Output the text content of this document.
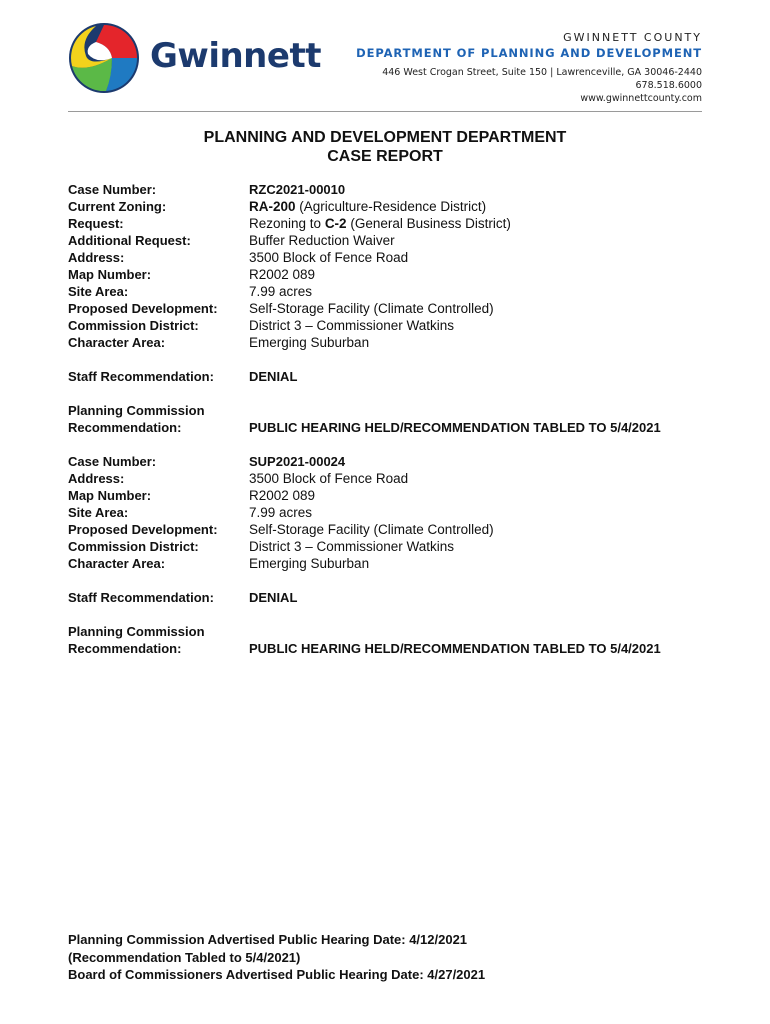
Gwinnett	GWINNETT COUNTY
DEPARTMENT OF PLANNING AND DEVELOPMENT
446 West Crogan Street, Suite 150 | Lawrenceville, GA 30046-2440
678.518.6000
www.gwinnettcounty.com
PLANNING AND DEVELOPMENT DEPARTMENT
CASE REPORT
Case Number:	RZC2021-00010
Current Zoning:	RA-200 (Agriculture-Residence District)
Request:	Rezoning to C-2 (General Business District)
Additional Request:	Buffer Reduction Waiver
Address:	3500 Block of Fence Road
Map Number:	R2002 089
Site Area:	7.99 acres
Proposed Development: Self-Storage Facility (Climate Controlled)
Commission District:	District 3 – Commissioner Watkins
Character Area:	Emerging Suburban
Staff Recommendation:	DENIAL
Planning Commission
Recommendation:	PUBLIC HEARING HELD/RECOMMENDATION TABLED TO 5/4/2021
Case Number:	SUP2021-00024
Address:	3500 Block of Fence Road
Map Number:	R2002 089
Site Area:	7.99 acres
Proposed Development: Self-Storage Facility (Climate Controlled)
Commission District:	District 3 – Commissioner Watkins
Character Area:	Emerging Suburban
Staff Recommendation:	DENIAL
Planning Commission
Recommendation:	PUBLIC HEARING HELD/RECOMMENDATION TABLED TO 5/4/2021
Planning Commission Advertised Public Hearing Date: 4/12/2021
(Recommendation Tabled to 5/4/2021)
Board of Commissioners Advertised Public Hearing Date: 4/27/2021
